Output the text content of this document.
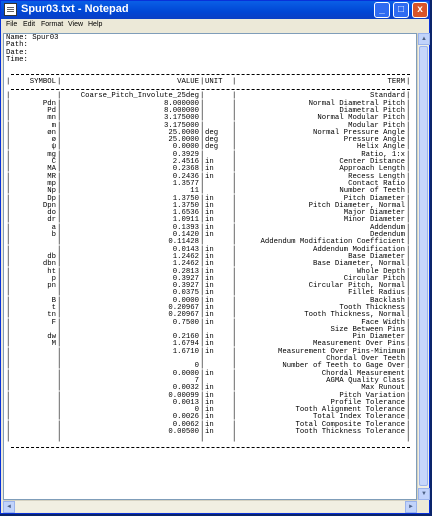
Spur03.txt - Notepad	_	□	x
File Edit Format View Help
Name: Spur03
Path:
Date:
Time:
|	SYMBOL |	VALUE | UNIT	|	TERM |
|	|	Coarse_Pitch_Involute_25deg |	|	Standard |
|	Pdn |	8.000000 |	|	Normal Diametral Pitch |
|	Pd |	8.000000 |	|	Diametral Pitch |
|	mn |	3.175000 |	|	Normal Modular Pitch |
|	m |	3.175000 |	|	Modular Pitch |
|	øn |	25.0000 | deg	|	Normal Pressure Angle |
|	ø |	25.0000 | deg	|	Pressure Angle |
|	ψ |	0.0000 | deg	|	Helix Angle |
|	mg |	0.3929 |	|	Ratio, 1:x |
|	C |	2.4516 | in	|	Center Distance |
|	MA |	0.2368 | in	|	Approach Length |
|	MR |	0.2436 | in	|	Recess Length |
|	mp |	1.3577 |	|	Contact Ratio |
|	Np |	11 |	|	Number of Teeth |
|	Dp |	1.3750 | in	|	Pitch Diameter |
|	Dpn |	1.3750 | in	|	Pitch Diameter, Normal |
|	do |	1.6536 | in	|	Major Diameter |
|	dr |	1.0911 | in	|	Minor Diameter |
|	a |	0.1393 | in	|	Addendum |
|	b |	0.1420 | in	|	Dedendum |
|	|	0.11428 |	|	Addendum Modification Coefficient |
|	|	0.0143 | in	|	Addendum Modification |
|	db |	1.2462 | in	|	Base Diameter |
|	dbn |	1.2462 | in	|	Base Diameter, Normal |
|	ht |	0.2813 | in	|	Whole Depth |
|	p |	0.3927 | in	|	Circular Pitch |
|	pn |	0.3927 | in	|	Circular Pitch, Normal |
|	|	0.0375 | in	|	Fillet Radius |
|	B |	0.0000 | in	|	Backlash |
|	t |	0.20967 | in	|	Tooth Thickness |
|	tn |	0.20967 | in	|	Tooth Thickness, Normal |
|	F |	0.7500 | in	|	Face Width |
|	|	|	|	Size Between Pins |
|	dw |	0.2160 | in	|	Pin Diameter |
|	M |	1.6794 | in	|	Measurement Over Pins |
|	|	1.6710 | in	|	Measurement Over Pins-Minimum |
|	|	|	|	Chordal Over Teeth |
|	|	0 |	|	Number of Teeth to Gage Over |
|	|	0.0000 | in	|	Chordal Measurement |
|	|	7 |	|	AGMA Quality Class |
|	|	0.0032 | in	|	Max Runout |
|	|	0.00099 | in	|	Pitch Variation |
|	|	0.0013 | in	|	Profile Tolerance |
|	|	0 | in	|	Tooth Alignment Tolerance |
|	|	0.0026 | in	|	Total Index Tolerance |
|	|	0.0062 | in	|	Total Composite Tolerance |
|	|	0.00500 | in	|	Tooth Thickness Tolerance |
|	|	|	|	|
▲
▼
◄	►
